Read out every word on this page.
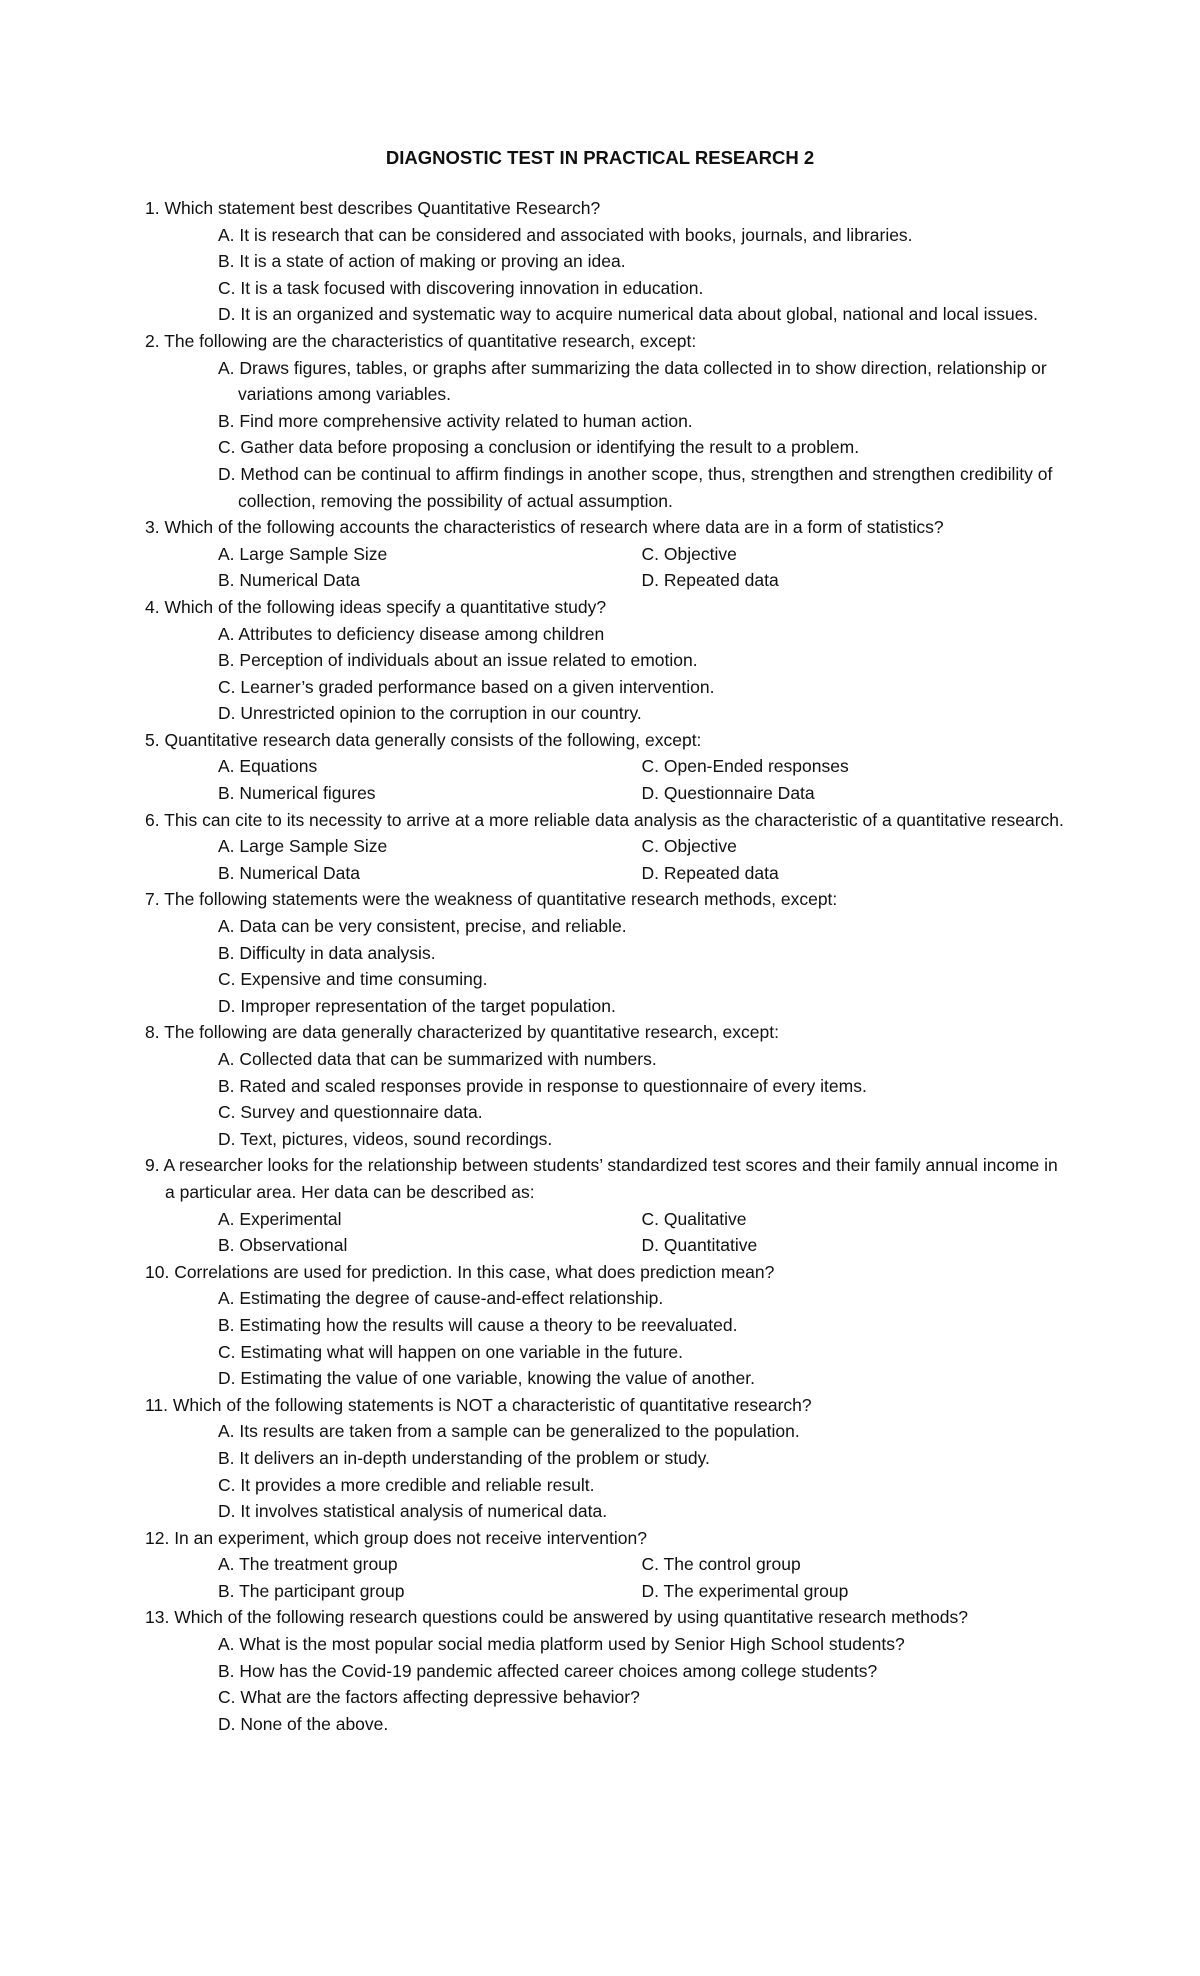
DIAGNOSTIC TEST IN PRACTICAL RESEARCH 2

1. Which statement best describes Quantitative Research?

A. It is research that can be considered and associated with books, journals, and libraries.

B. It is a state of action of making or proving an idea.

C. It is a task focused with discovering innovation in education.

D. It is an organized and systematic way to acquire numerical data about global, national and local issues.

2. The following are the characteristics of quantitative research, except:

A. Draws figures, tables, or graphs after summarizing the data collected in to show direction, relationship or variations among variables.

B. Find more comprehensive activity related to human action.

C. Gather data before proposing a conclusion or identifying the result to a problem.

D. Method can be continual to affirm findings in another scope, thus, strengthen and strengthen credibility of collection, removing the possibility of actual assumption.

3. Which of the following accounts the characteristics of research where data are in a form of statistics?

A. Large Sample Size	C. Objective
B. Numerical Data	D. Repeated data

4. Which of the following ideas specify a quantitative study?

A. Attributes to deficiency disease among children

B. Perception of individuals about an issue related to emotion.

C. Learner’s graded performance based on a given intervention.

D. Unrestricted opinion to the corruption in our country.

5. Quantitative research data generally consists of the following, except:

A. Equations	C. Open-Ended responses
B. Numerical figures	D. Questionnaire Data

6. This can cite to its necessity to arrive at a more reliable data analysis as the characteristic of a quantitative research.

A. Large Sample Size	C. Objective
B. Numerical Data	D. Repeated data

7. The following statements were the weakness of quantitative research methods, except:

A. Data can be very consistent, precise, and reliable.

B. Difficulty in data analysis.

C. Expensive and time consuming.

D. Improper representation of the target population.

8. The following are data generally characterized by quantitative research, except:

A. Collected data that can be summarized with numbers.

B. Rated and scaled responses provide in response to questionnaire of every items.

C. Survey and questionnaire data.

D. Text, pictures, videos, sound recordings.

9. A researcher looks for the relationship between students’ standardized test scores and their family annual income in a particular area. Her data can be described as:

A. Experimental	C. Qualitative
B. Observational	D. Quantitative

10. Correlations are used for prediction. In this case, what does prediction mean?

A. Estimating the degree of cause-and-effect relationship.

B. Estimating how the results will cause a theory to be reevaluated.

C. Estimating what will happen on one variable in the future.

D. Estimating the value of one variable, knowing the value of another.

11. Which of the following statements is NOT a characteristic of quantitative research?

A. Its results are taken from a sample can be generalized to the population.

B. It delivers an in-depth understanding of the problem or study.

C. It provides a more credible and reliable result.

D. It involves statistical analysis of numerical data.

12. In an experiment, which group does not receive intervention?

A. The treatment group	C. The control group
B. The participant group	D. The experimental group

13. Which of the following research questions could be answered by using quantitative research methods?

A. What is the most popular social media platform used by Senior High School students?

B. How has the Covid-19 pandemic affected career choices among college students?

C. What are the factors affecting depressive behavior?

D. None of the above.
